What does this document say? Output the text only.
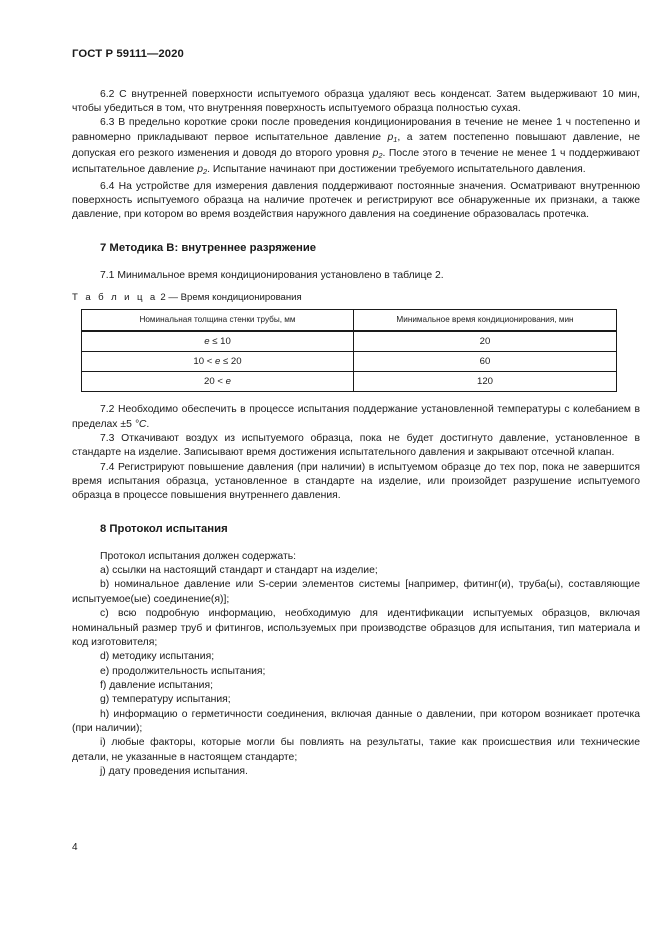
ГОСТ Р 59111—2020

6.2 С внутренней поверхности испытуемого образца удаляют весь конденсат. Затем выдерживают 10 мин, чтобы убедиться в том, что внутренняя поверхность испытуемого образца полностью сухая.

6.3 В предельно короткие сроки после проведения кондиционирования в течение не менее 1 ч постепенно и равномерно прикладывают первое испытательное давление $p_1$, а затем постепенно повышают давление, не допуская его резкого изменения и доводя до второго уровня $p_2$. После этого в течение не менее 1 ч поддерживают испытательное давление $p_2$. Испытание начинают при достижении требуемого испытательного давления.

6.4 На устройстве для измерения давления поддерживают постоянные значения. Осматривают внутреннюю поверхность испытуемого образца на наличие протечек и регистрируют все обнаруженные их признаки, а также давление, при котором во время воздействия наружного давления на соединение образовалась протечка.

7 Методика В: внутреннее разряжение

7.1 Минимальное время кондиционирования установлено в таблице 2.

Т а б л и ц а 2 — Время кондиционирования

Номинальная толщина стенки трубы, мм	Минимальное время кондиционирования, мин
e ≤ 10	20
10 < e ≤ 20	60
20 < e	120

7.2 Необходимо обеспечить в процессе испытания поддержание установленной температуры с колебанием в пределах ±5 °C.

7.3 Откачивают воздух из испытуемого образца, пока не будет достигнуто давление, установленное в стандарте на изделие. Записывают время достижения испытательного давления и закрывают отсечной клапан.

7.4 Регистрируют повышение давления (при наличии) в испытуемом образце до тех пор, пока не завершится время испытания образца, установленное в стандарте на изделие, или произойдет разрушение испытуемого образца в процессе повышения внутреннего давления.

8 Протокол испытания

Протокол испытания должен содержать:

a) ссылки на настоящий стандарт и стандарт на изделие;

b) номинальное давление или S-серии элементов системы [например, фитинг(и), труба(ы), составляющие испытуемое(ые) соединение(я)];

c) всю подробную информацию, необходимую для идентификации испытуемых образцов, включая номинальный размер труб и фитингов, используемых при производстве образцов для испытания, тип материала и код изготовителя;

d) методику испытания;

e) продолжительность испытания;

f) давление испытания;

g) температуру испытания;

h) информацию о герметичности соединения, включая данные о давлении, при котором возникает протечка (при наличии);

i) любые факторы, которые могли бы повлиять на результаты, такие как происшествия или технические детали, не указанные в настоящем стандарте;

j) дату проведения испытания.

4
